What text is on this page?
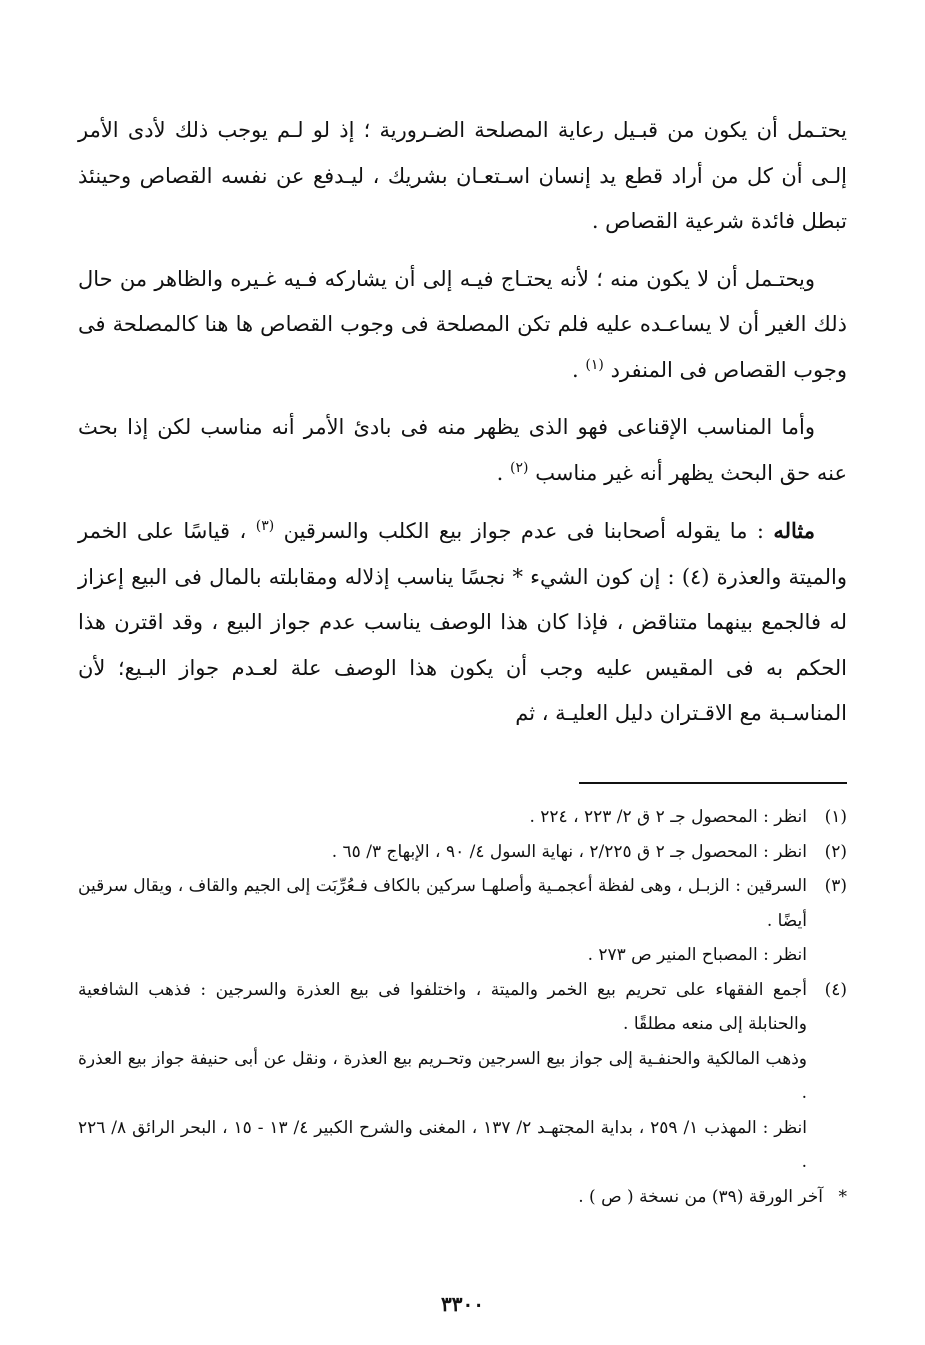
يحتـمل أن يكون من قبـيل رعاية المصلحة الضـرورية ؛ إذ لو لـم يوجب ذلك لأدى الأمر إلـى أن كل من أراد قطع يد إنسان اسـتعـان بشريك ، ليـدفع عن نفسه القصاص وحينئذ تبطل فائدة شرعية القصاص .

ويحتـمل أن لا يكون منه ؛ لأنه يحتـاج فيـه إلى أن يشاركه فـيه غـيره والظاهر من حال ذلك الغير أن لا يساعـده عليه فلم تكن المصلحة فى وجوب القصاص ها هنا كالمصلحة فى وجوب القصاص فى المنفرد $^{(١)}$ .

وأما المناسب الإقناعى فهو الذى يظهر منه فى بادئ الأمر أنه مناسب لكن إذا بحث عنه حق البحث يظهر أنه غير مناسب $^{(٢)}$ .

مثاله : ما يقوله أصحابنا فى عدم جواز بيع الكلب والسرقين $^{(٣)}$ ، قياسًا على الخمر والميتة والعذرة (٤) : إن كون الشيء * نجسًا يناسب إذلاله ومقابلته بالمال فى البيع إعزاز له فالجمع بينهما متناقض ، فإذا كان هذا الوصف يناسب عدم جواز البيع ، وقد اقترن هذا الحكم به فى المقيس عليه وجب أن يكون هذا الوصف علة لعـدم جواز البـيع؛ لأن المناسـبة مع الاقـتران دليل العليـة ، ثم

(١)
انظر : المحصول جـ ٢ ق ٢/ ٢٢٣ ، ٢٢٤ .
(٢)
انظر : المحصول جـ ٢ ق ٢/٢٢٥ ، نهاية السول ٤/ ٩٠ ، الإبهاج ٣/ ٦٥ .
(٣)
السرقين : الزبـل ، وهى لفظة أعجمـية وأصلهـا سركين بالكاف فـعُرِّبَت إلى الجيم والقاف ، ويقال سرقين أيضًا .
انظر : المصباح المنير ص ٢٧٣ .
(٤)
أجمع الفقهاء على تحريم بيع الخمر والميتة ، واختلفوا فى بيع العذرة والسرجين : فذهب الشافعية والحنابلة إلى منعه مطلقًا .
وذهب المالكية والحنفـية إلى جواز بيع السرجين وتحـريم بيع العذرة ، ونقل عن أبى حنيفة جواز بيع العذرة .
انظر : المهذب ١/ ٢٥٩ ، بداية المجتهـد ٢/ ١٣٧ ، المغنى والشرح الكبير ٤/ ١٣ - ١٥ ، البحر الرائق ٨/ ٢٢٦ .
*
آخر الورقة (٣٩) من نسخة ( ص ) .
٣٣٠٠
